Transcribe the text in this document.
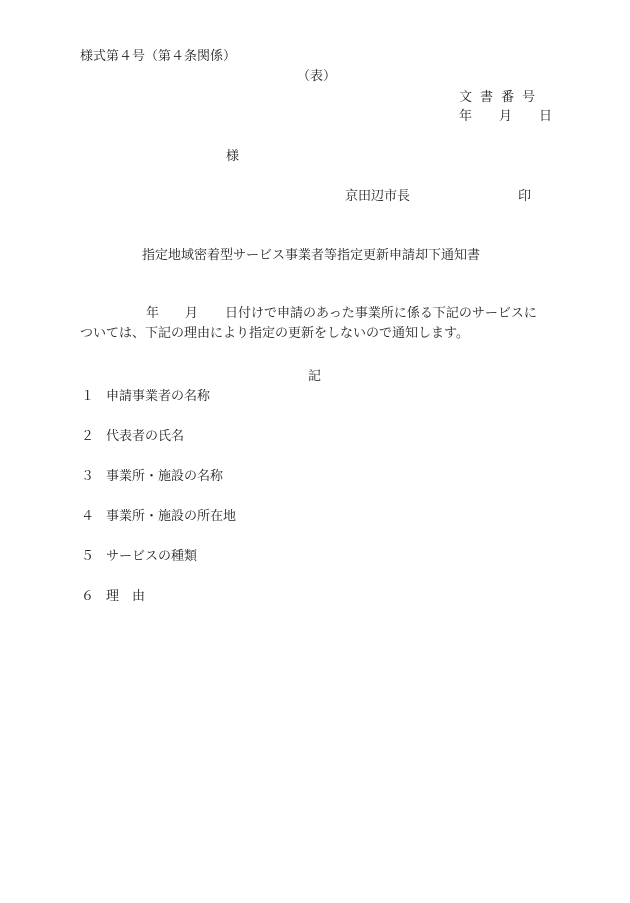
様式第４号（第４条関係）
（表）
文書番号
年 月 日
様
京田辺市長	印
指定地域密着型サービス事業者等指定更新申請却下通知書
年 月 日付けで申請のあった事業所に係る下記のサービスに
ついては、下記の理由により指定の更新をしないので通知します。
記
１ 申請事業者の名称
２ 代表者の氏名
３ 事業所・施設の名称
４ 事業所・施設の所在地
５ サービスの種類
６ 理　由
